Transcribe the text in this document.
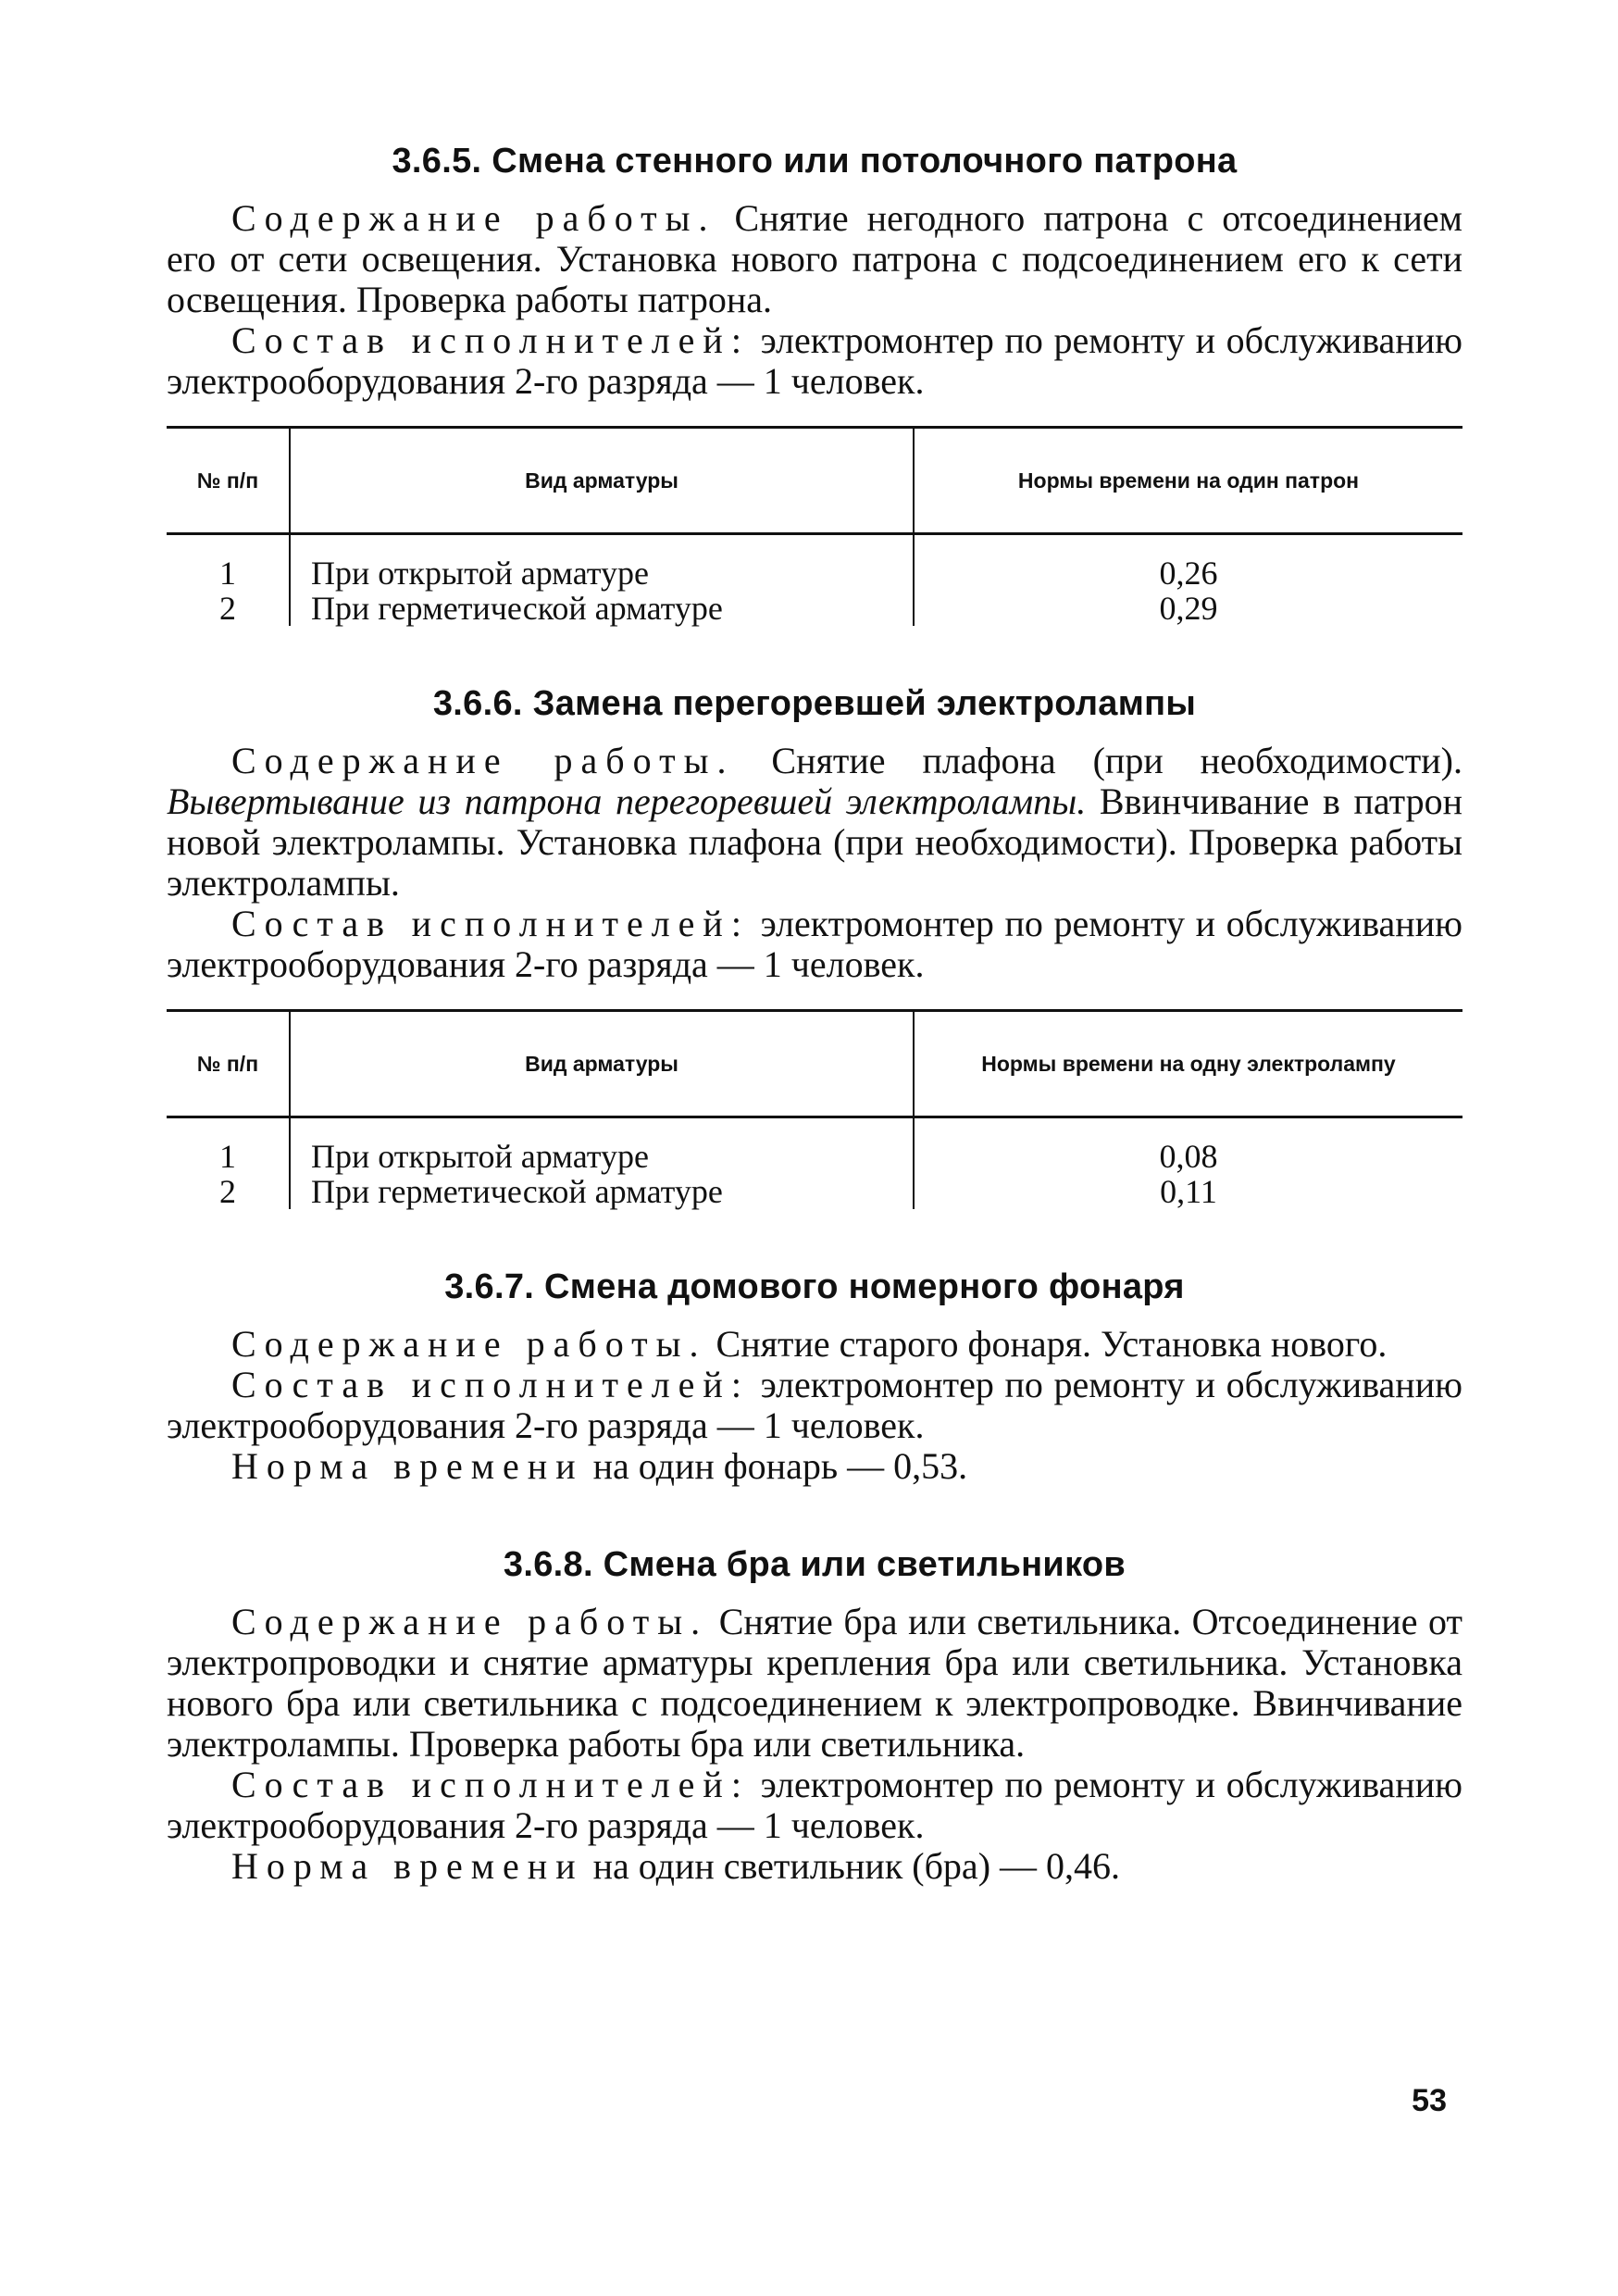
3.6.5. Смена стенного или потолочного патрона

Содержание работы. Снятие негодного патрона с отсоединением его от сети освещения. Установка нового патрона с подсоединением его к сети освещения. Проверка работы патрона.

Состав исполнителей: электромонтер по ремонту и обслуживанию электрооборудования 2-го разряда — 1 человек.

№ п/п	Вид арматуры	Нормы времени на один патрон
1	При открытой арматуре	0,26
2	При герметической арматуре	0,29
3.6.6. Замена перегоревшей электролампы

Содержание работы. Снятие плафона (при необходимости). Вывертывание из патрона перегоревшей электролампы. Ввинчивание в патрон новой электролампы. Установка плафона (при необходимости). Проверка работы электролампы.

Состав исполнителей: электромонтер по ремонту и обслуживанию электрооборудования 2-го разряда — 1 человек.

№ п/п	Вид арматуры	Нормы времени на одну электролампу
1	При открытой арматуре	0,08
2	При герметической арматуре	0,11
3.6.7. Смена домового номерного фонаря

Содержание работы. Снятие старого фонаря. Установка нового.

Состав исполнителей: электромонтер по ремонту и обслуживанию электрооборудования 2-го разряда — 1 человек.

Норма времени на один фонарь — 0,53.

3.6.8. Смена бра или светильников

Содержание работы. Снятие бра или светильника. Отсоединение от электропроводки и снятие арматуры крепления бра или светильника. Установка нового бра или светильника с подсоединением к электропроводке. Ввинчивание электролампы. Проверка работы бра или светильника.

Состав исполнителей: электромонтер по ремонту и обслуживанию электрооборудования 2-го разряда — 1 человек.

Норма времени на один светильник (бра) — 0,46.

53
